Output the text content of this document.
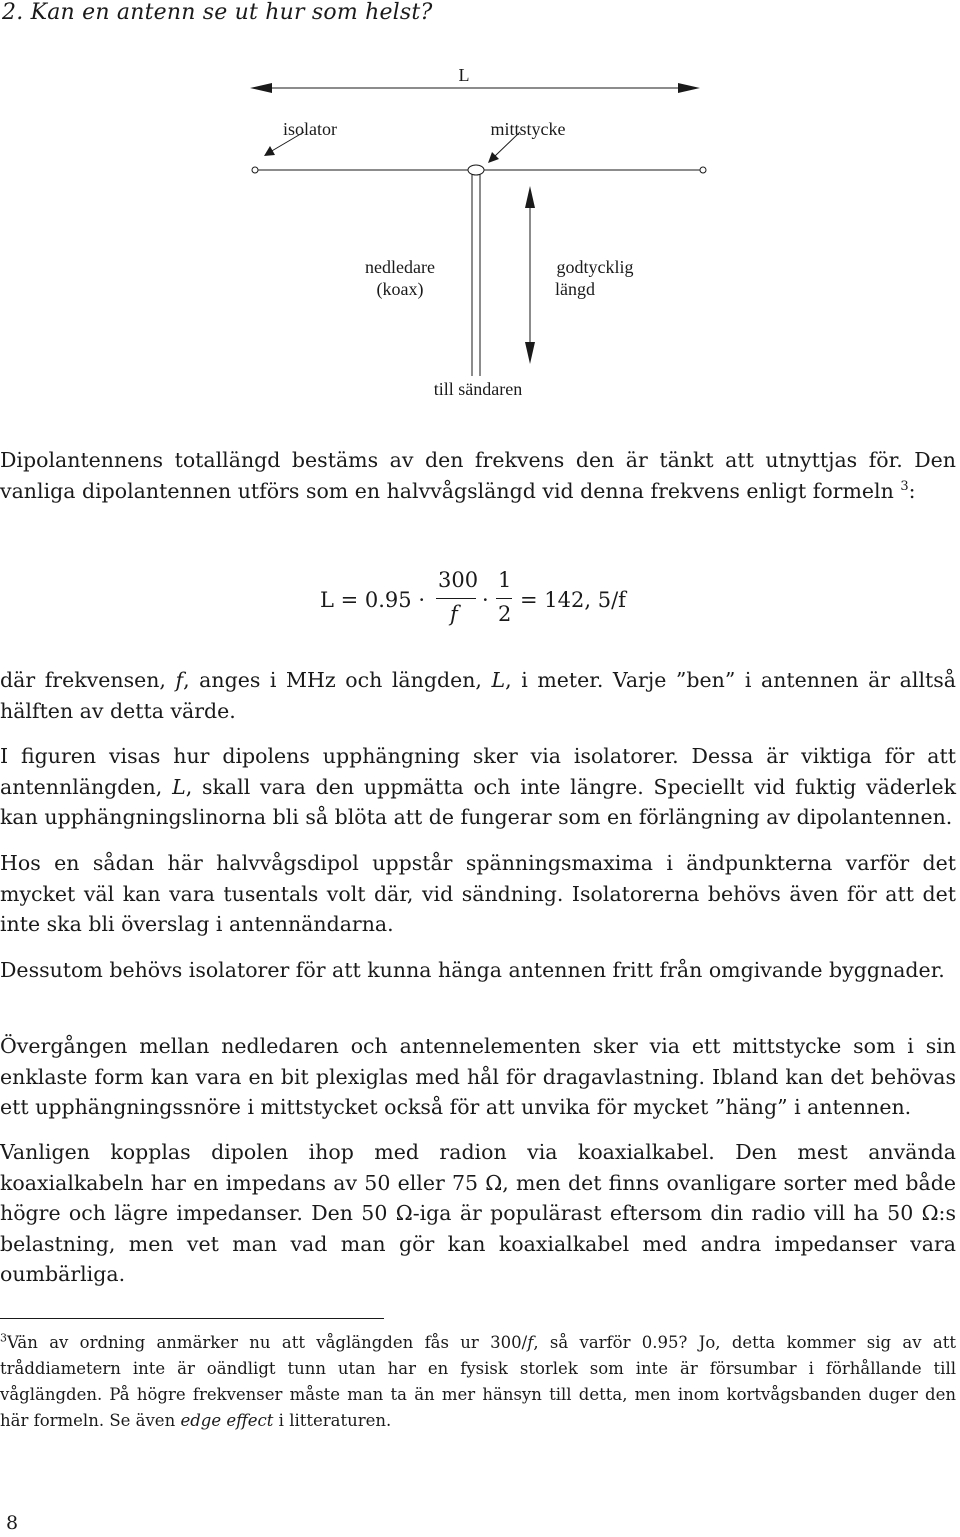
2. Kan en antenn se ut hur som helst?
L
isolator	mittstycke
nedledare
(koax)
godtycklig
längd
till sändaren
Dipolantennens totallängd bestäms av den frekvens den är tänkt att utnyttjas för. Den vanliga dipolantennen utförs som en halvvågslängd vid denna frekvens enligt formeln $^3$:
L = 0.95 ·
300
f
·
1
2
= 142, 5/f
där frekvensen, f, anges i MHz och längden, L, i meter. Varje ”ben” i antennen är alltså hälften av detta värde.
I figuren visas hur dipolens upphängning sker via isolatorer. Dessa är viktiga för att antennlängden, L, skall vara den uppmätta och inte längre. Speciellt vid fuktig väderlek kan upphängningslinorna bli så blöta att de fungerar som en förlängning av dipolantennen.
Hos en sådan här halvvågsdipol uppstår spänningsmaxima i ändpunkterna varför det mycket väl kan vara tusentals volt där, vid sändning. Isolatorerna behövs även för att det inte ska bli överslag i antennändarna.
Dessutom behövs isolatorer för att kunna hänga antennen fritt från omgivande byggnader.
Övergången mellan nedledaren och antennelementen sker via ett mittstycke som i sin enklaste form kan vara en bit plexiglas med hål för dragavlastning. Ibland kan det behövas ett upphängningssnöre i mittstycket också för att unvika för mycket ”häng” i antennen.
Vanligen kopplas dipolen ihop med radion via koaxialkabel. Den mest använda koaxialkabeln har en impedans av 50 eller 75 Ω, men det finns ovanligare sorter med både högre och lägre impedanser. Den 50 Ω-iga är populärast eftersom din radio vill ha 50 Ω:s belastning, men vet man vad man gör kan koaxialkabel med andra impedanser vara oumbärliga.
$^3$Vän av ordning anmärker nu att våglängden fås ur 300/f, så varför 0.95? Jo, detta kommer sig av att tråddiametern inte är oändligt tunn utan har en fysisk storlek som inte är försumbar i förhållande till våglängden. På högre frekvenser måste man ta än mer hänsyn till detta, men inom kortvågsbanden duger den här formeln. Se även edge effect i litteraturen.
8
